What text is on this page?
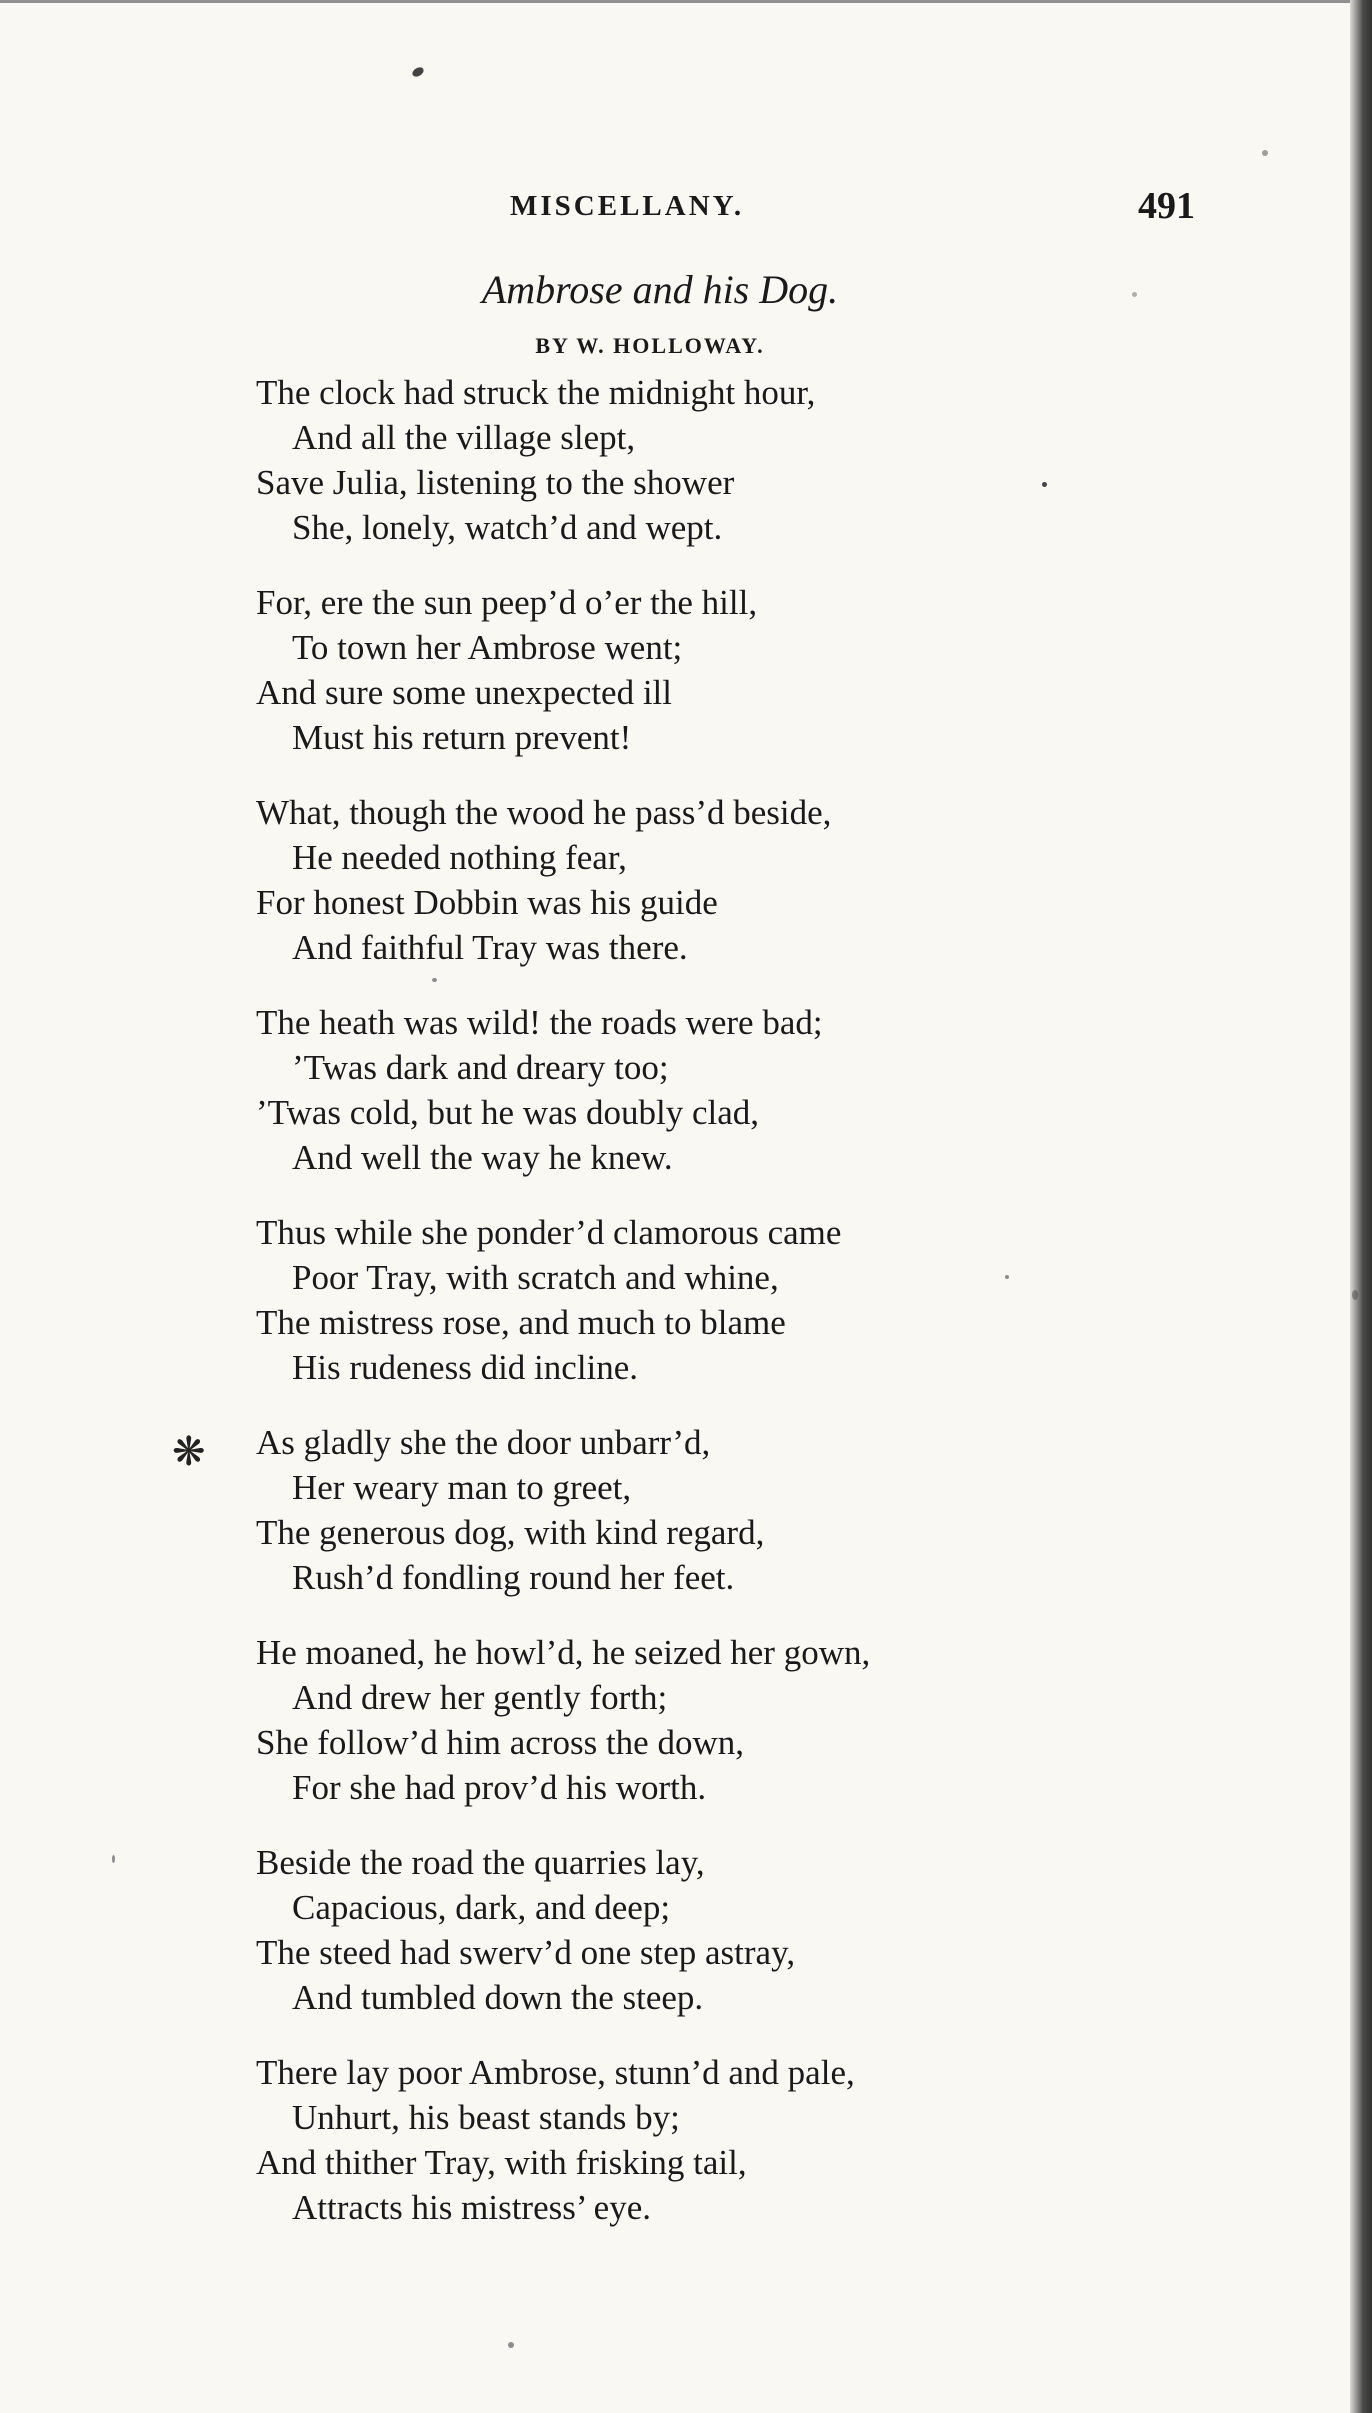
MISCELLANY.	491
Ambrose and his Dog.
BY W. HOLLOWAY.
The clock had struck the midnight hour,
And all the village slept,
Save Julia, listening to the shower
She, lonely, watch’d and wept.
For, ere the sun peep’d o’er the hill,
To town her Ambrose went;
And sure some unexpected ill
Must his return prevent!
What, though the wood he pass’d beside,
He needed nothing fear,
For honest Dobbin was his guide
And faithful Tray was there.
The heath was wild! the roads were bad;
’Twas dark and dreary too;
’Twas cold, but he was doubly clad,
And well the way he knew.
Thus while she ponder’d clamorous came
Poor Tray, with scratch and whine,
The mistress rose, and much to blame
His rudeness did incline.
As gladly she the door unbarr’d,
Her weary man to greet,
The generous dog, with kind regard,
Rush’d fondling round her feet.
He moaned, he howl’d, he seized her gown,
And drew her gently forth;
She follow’d him across the down,
For she had prov’d his worth.
Beside the road the quarries lay,
Capacious, dark, and deep;
The steed had swerv’d one step astray,
And tumbled down the steep.
There lay poor Ambrose, stunn’d and pale,
Unhurt, his beast stands by;
And thither Tray, with frisking tail,
Attracts his mistress’ eye.
❋
